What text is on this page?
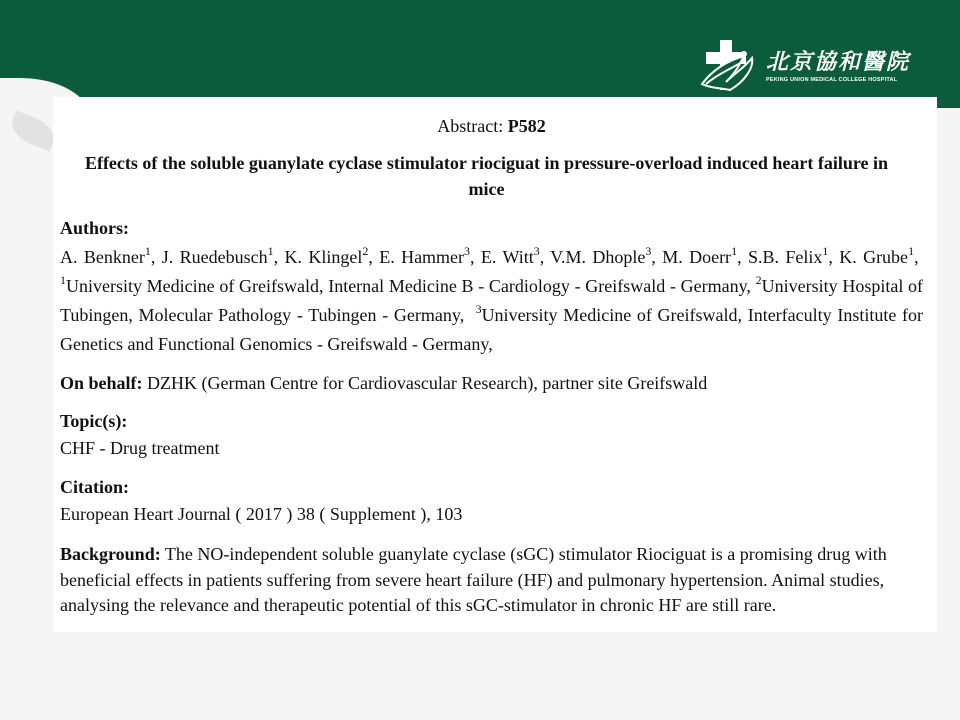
北京協和醫院
PEKING UNION MEDICAL COLLEGE HOSPITAL
Abstract: P582
Effects of the soluble guanylate cyclase stimulator riociguat in pressure-overload induced heart failure in mice
Authors:

A. Benkner$^1$, J. Ruedebusch$^1$, K. Klingel$^2$, E. Hammer$^3$, E. Witt$^3$, V.M. Dhople$^3$, M. Doerr$^1$, S.B. Felix$^1$, K. Grube$^1$,  $^1$University Medicine of Greifswald, Internal Medicine B - Cardiology - Greifswald - Germany, $^2$University Hospital of Tubingen, Molecular Pathology - Tubingen - Germany, $^3$University Medicine of Greifswald, Interfaculty Institute for Genetics and Functional Genomics - Greifswald - Germany,

On behalf: DZHK (German Centre for Cardiovascular Research), partner site Greifswald

Topic(s):

CHF - Drug treatment

Citation:

European Heart Journal ( 2017 ) 38 ( Supplement ), 103

Background: The NO-independent soluble guanylate cyclase (sGC) stimulator Riociguat is a promising drug with beneficial effects in patients suffering from severe heart failure (HF) and pulmonary hypertension. Animal studies, analysing the relevance and therapeutic potential of this sGC-stimulator in chronic HF are still rare.
